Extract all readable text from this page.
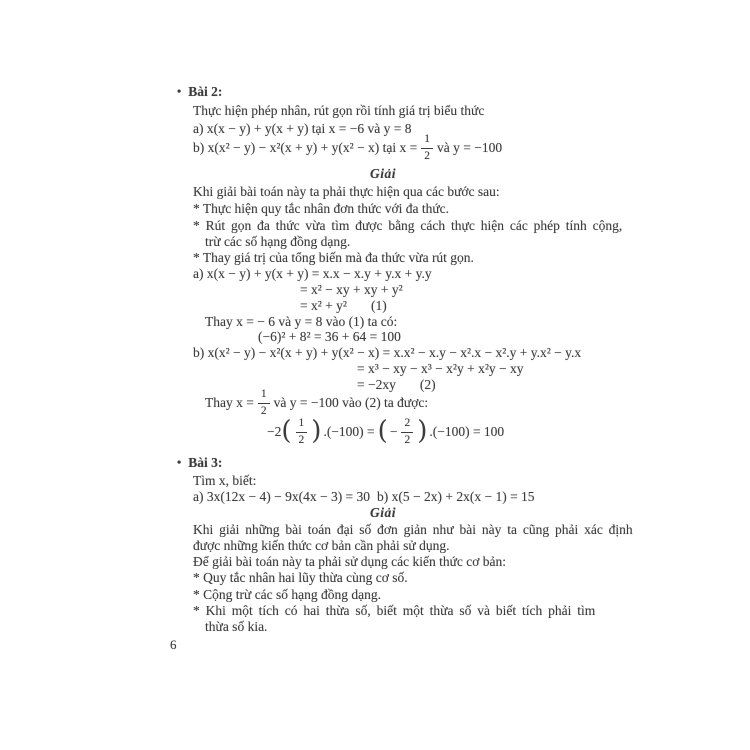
• Bài 2:
Thực hiện phép nhân, rút gọn rồi tính giá trị biểu thức
a) x(x − y) + y(x + y) tại x = −6 và y = 8
b) x(x² − y) − x²(x + y) + y(x² − x) tại $x = \frac{1}{2}$ và y = −100
Giải
Khi giải bài toán này ta phải thực hiện qua các bước sau:
* Thực hiện quy tắc nhân đơn thức với đa thức.
* Rút gọn đa thức vừa tìm được bằng cách thực hiện các phép tính cộng,
trừ các số hạng đồng dạng.
* Thay giá trị của tổng biến mà đa thức vừa rút gọn.
a) x(x − y) + y(x + y) = x.x − x.y + y.x + y.y
= x² − xy + xy + y²
= x² + y² (1)
Thay x = − 6 và y = 8 vào (1) ta có:
(−6)² + 8² = 36 + 64 = 100
b) x(x² − y) − x²(x + y) + y(x² − x) = x.x² − x.y − x².x − x².y + y.x² − y.x
= x³ − xy − x³ − x²y + x²y − xy
= −2xy (2)
Thay $x = \frac{1}{2}$ và y = −100 vào (2) ta được:
−2 ( $\frac{1}{2}$ ) .(−100) = ( − $\frac{2}{2}$ ) .(−100) = 100
• Bài 3:
Tìm x, biết:
a) 3x(12x − 4) − 9x(4x − 3) = 30 b) x(5 − 2x) + 2x(x − 1) = 15
Giải
Khi giải những bài toán đại số đơn giản như bài này ta cũng phải xác định
được những kiến thức cơ bản cần phải sử dụng.
Để giải bài toán này ta phải sử dụng các kiến thức cơ bản:
* Quy tắc nhân hai lũy thừa cùng cơ số.
* Cộng trừ các số hạng đồng dạng.
* Khi một tích có hai thừa số, biết một thừa số và biết tích phải tìm
thừa số kia.
6
